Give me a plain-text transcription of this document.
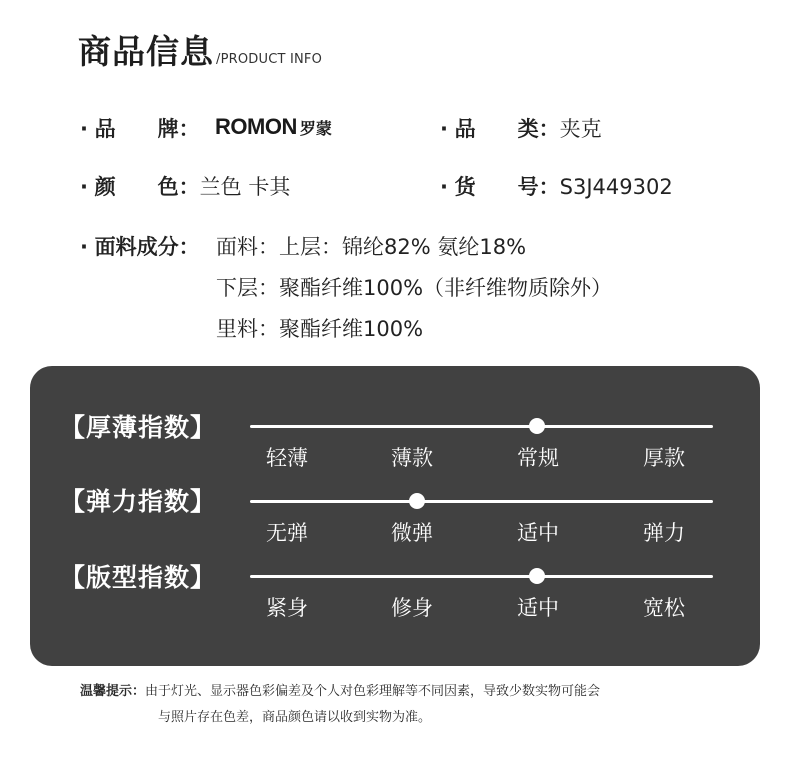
商品信息 /PRODUCT INFO
· 品　　牌： ROMON 罗蒙	· 品　　类：夹克
· 颜　　色：兰色 卡其	· 货　　号：S3J449302
· 面料成分： 面料：上层：锦纶82% 氨纶18%
下层：聚酯纤维100%（非纤维物质除外）
里料：聚酯纤维100%
【厚薄指数】
轻薄	薄款	常规	厚款
【弹力指数】
无弹	微弹	适中	弹力
【版型指数】
紧身	修身	适中	宽松
温馨提示：由于灯光、显示器色彩偏差及个人对色彩理解等不同因素，导致少数实物可能会
与照片存在色差，商品颜色请以收到实物为准。
